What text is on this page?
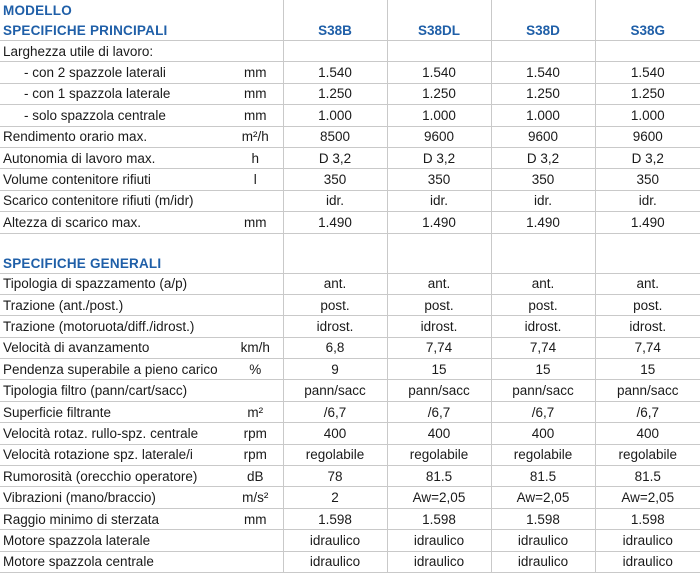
MODELLO					
SPECIFICHE PRINCIPALI		S38B	S38DL	S38D	S38G
Larghezza utile di lavoro:					
- con 2 spazzole laterali	mm	1.540	1.540	1.540	1.540
- con 1 spazzola laterale	mm	1.250	1.250	1.250	1.250
- solo spazzola centrale	mm	1.000	1.000	1.000	1.000
Rendimento orario max.	m²/h	8500	9600	9600	9600
Autonomia di lavoro max.	h	D 3,2	D 3,2	D 3,2	D 3,2
Volume contenitore rifiuti	l	350	350	350	350
Scarico contenitore rifiuti (m/idr)		idr.	idr.	idr.	idr.
Altezza di scarico max.	mm	1.490	1.490	1.490	1.490

SPECIFICHE GENERALI					
Tipologia di spazzamento (a/p)		ant.	ant.	ant.	ant.
Trazione (ant./post.)		post.	post.	post.	post.
Trazione (motoruota/diff./idrost.)		idrost.	idrost.	idrost.	idrost.
Velocità di avanzamento	km/h	6,8	7,74	7,74	7,74
Pendenza superabile a pieno carico	%	9	15	15	15
Tipologia filtro (pann/cart/sacc)		pann/sacc	pann/sacc	pann/sacc	pann/sacc
Superficie filtrante	m²	/6,7	/6,7	/6,7	/6,7
Velocità rotaz. rullo-spz. centrale	rpm	400	400	400	400
Velocità rotazione spz. laterale/i	rpm	regolabile	regolabile	regolabile	regolabile
Rumorosità (orecchio operatore)	dB	78	81.5	81.5	81.5
Vibrazioni (mano/braccio)	m/s²	2	Aw=2,05	Aw=2,05	Aw=2,05
Raggio minimo di sterzata	mm	1.598	1.598	1.598	1.598
Motore spazzola laterale		idraulico	idraulico	idraulico	idraulico
Motore spazzola centrale		idraulico	idraulico	idraulico	idraulico
